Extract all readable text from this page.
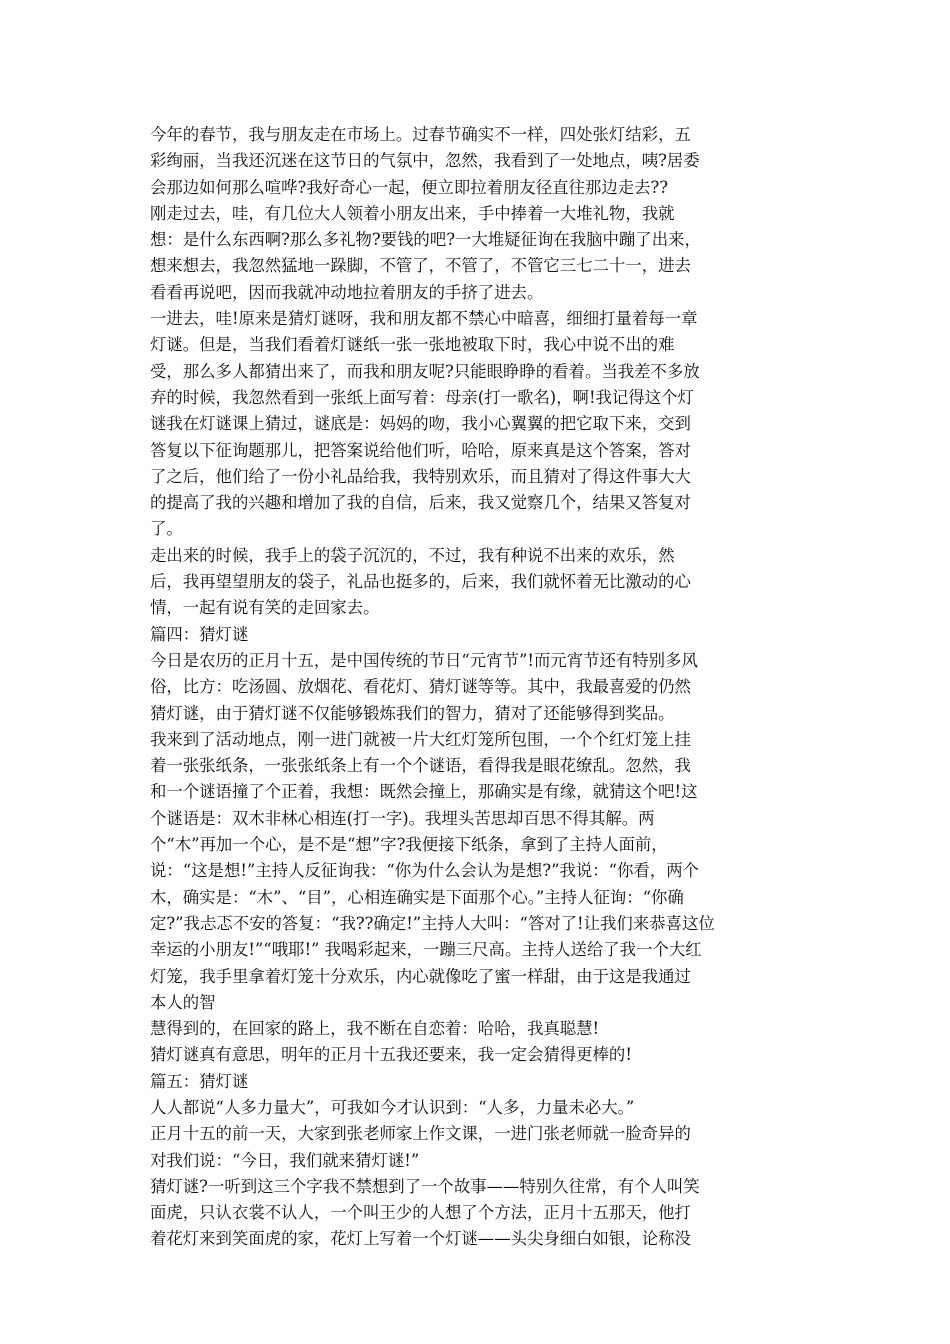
今年的春节，我与朋友走在市场上。过春节确实不一样，四处张灯结彩，五
彩绚丽，当我还沉迷在这节日的气氛中，忽然，我看到了一处地点，咦?居委
会那边如何那么喧哗?我好奇心一起，便立即拉着朋友径直往那边走去??
刚走过去，哇，有几位大人领着小朋友出来，手中捧着一大堆礼物，我就
想：是什么东西啊?那么多礼物?要钱的吧?一大堆疑征询在我脑中蹦了出来，
想来想去，我忽然猛地一跺脚，不管了，不管了，不管它三七二十一，进去
看看再说吧，因而我就冲动地拉着朋友的手挤了进去。
一进去，哇!原来是猜灯谜呀，我和朋友都不禁心中暗喜，细细打量着每一章
灯谜。但是，当我们看着灯谜纸一张一张地被取下时，我心中说不出的难
受，那么多人都猜出来了，而我和朋友呢?只能眼睁睁的看着。当我差不多放
弃的时候，我忽然看到一张纸上面写着：母亲(打一歌名)，啊!我记得这个灯
谜我在灯谜课上猜过，谜底是：妈妈的吻，我小心翼翼的把它取下来，交到
答复以下征询题那儿，把答案说给他们听，哈哈，原来真是这个答案，答对
了之后，他们给了一份小礼品给我，我特别欢乐，而且猜对了得这件事大大
的提高了我的兴趣和增加了我的自信，后来，我又觉察几个，结果又答复对
了。
走出来的时候，我手上的袋子沉沉的，不过，我有种说不出来的欢乐，然
后，我再望望朋友的袋子，礼品也挺多的，后来，我们就怀着无比激动的心
情，一起有说有笑的走回家去。
篇四：猜灯谜
今日是农历的正月十五，是中国传统的节日“元宵节”!而元宵节还有特别多风
俗，比方：吃汤圆、放烟花、看花灯、猜灯谜等等。其中，我最喜爱的仍然
猜灯谜，由于猜灯谜不仅能够锻炼我们的智力，猜对了还能够得到奖品。
我来到了活动地点，刚一进门就被一片大红灯笼所包围，一个个红灯笼上挂
着一张张纸条，一张张纸条上有一个个谜语，看得我是眼花缭乱。忽然，我
和一个谜语撞了个正着，我想：既然会撞上，那确实是有缘，就猜这个吧!这
个谜语是：双木非林心相连(打一字)。我埋头苦思却百思不得其解。两
个“木”再加一个心，是不是“想”字?我便接下纸条，拿到了主持人面前，
说：“这是想!”主持人反征询我：“你为什么会认为是想?”我说：“你看，两个
木，确实是：“木”、“目”，心相连确实是下面那个心。”主持人征询：“你确
定?”我忐忑不安的答复：“我??确定!”主持人大叫：“答对了!让我们来恭喜这位
幸运的小朋友!”“哦耶!” 我喝彩起来，一蹦三尺高。主持人送给了我一个大红
灯笼，我手里拿着灯笼十分欢乐，内心就像吃了蜜一样甜，由于这是我通过
本人的智
慧得到的，在回家的路上，我不断在自恋着：哈哈，我真聪慧!
猜灯谜真有意思，明年的正月十五我还要来，我一定会猜得更棒的!
篇五：猜灯谜
人人都说“人多力量大”，可我如今才认识到：“人多，力量未必大。”
正月十五的前一天，大家到张老师家上作文课，一进门张老师就一脸奇异的
对我们说：“今日，我们就来猜灯谜!”
猜灯谜?一听到这三个字我不禁想到了一个故事——特别久往常，有个人叫笑
面虎，只认衣裳不认人，一个叫王少的人想了个方法，正月十五那天，他打
着花灯来到笑面虎的家，花灯上写着一个灯谜——头尖身细白如银，论称没
